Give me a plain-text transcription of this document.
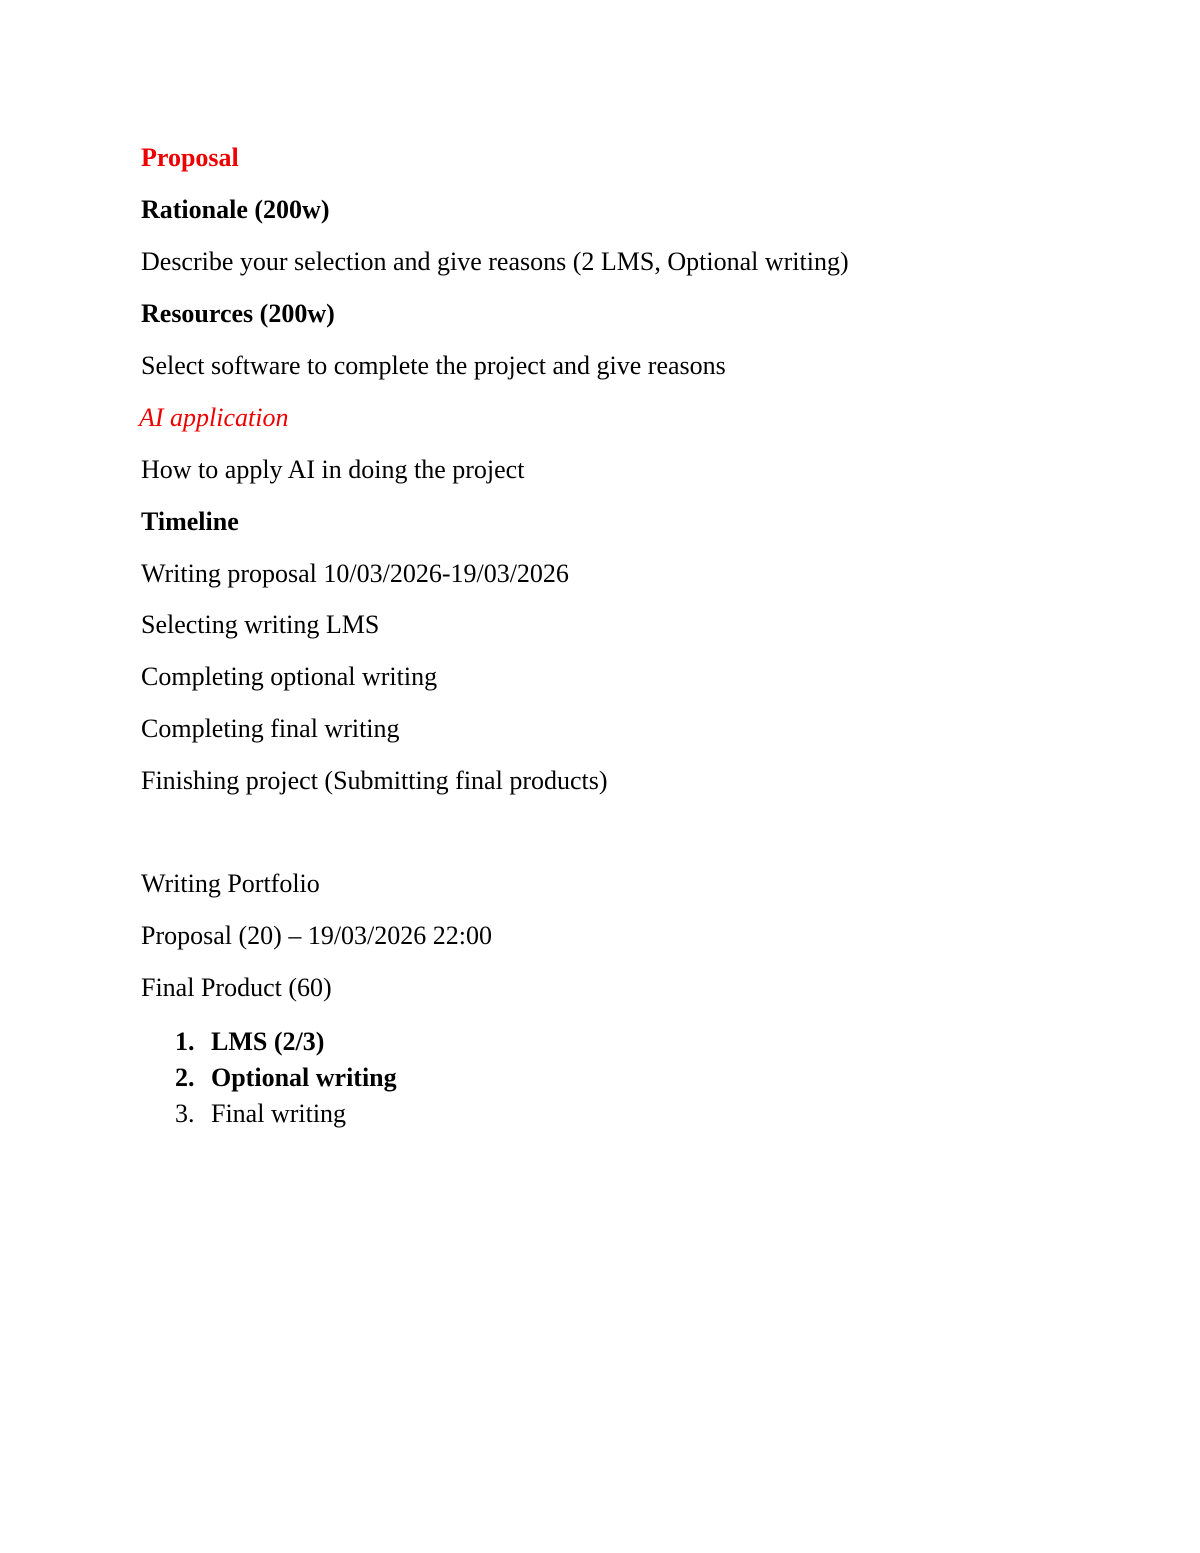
Proposal

Rationale (200w)

Describe your selection and give reasons (2 LMS, Optional writing)

Resources (200w)

Select software to complete the project and give reasons

AI application

How to apply AI in doing the project

Timeline

Writing proposal 10/03/2026-19/03/2026

Selecting writing LMS

Completing optional writing

Completing final writing

Finishing project (Submitting final products)

Writing Portfolio

Proposal (20) – 19/03/2026 22:00

Final Product (60)

1. LMS (2/3)
2. Optional writing
3. Final writing
